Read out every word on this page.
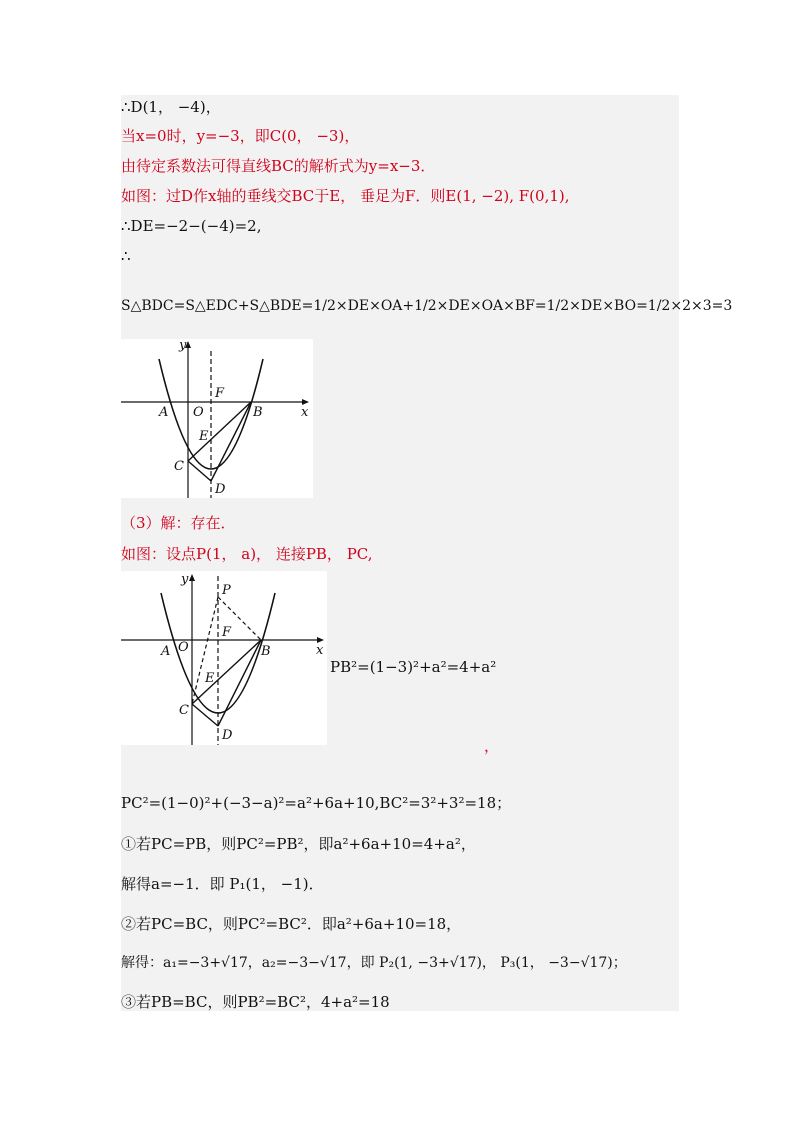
∴D(1， −4)，
当x=0时，y=−3，即C(0， −3)，
由待定系数法可得直线BC的解析式为y=x−3．
如图：过D作x轴的垂线交BC于E， 垂足为F．则E(1, −2), F(0,1),
∴DE=−2−(−4)=2,
∴
S△BDC=S△EDC+S△BDE=1/2×DE×OA+1/2×DE×OA×BF=1/2×DE×BO=1/2×2×3=3
y
x
A O
F
B
E
C
D
（3）解：存在．
如图：设点P(1， a)， 连接PB， PC,
y
x
P
A O
F
B
E
C
D
PB²=(1−3)²+a²=4+a²
，
PC²=(1−0)²+(−3−a)²=a²+6a+10,BC²=3²+3²=18；
①若PC=PB，则PC²=PB²，即a²+6a+10=4+a²，
解得a=−1．即 P₁(1， −1)．
②若PC=BC，则PC²=BC²．即a²+6a+10=18，
解得：a₁=−3+√17，a₂=−3−√17，即 P₂(1, −3+√17)， P₃(1， −3−√17)；
③若PB=BC，则PB²=BC²，4+a²=18
